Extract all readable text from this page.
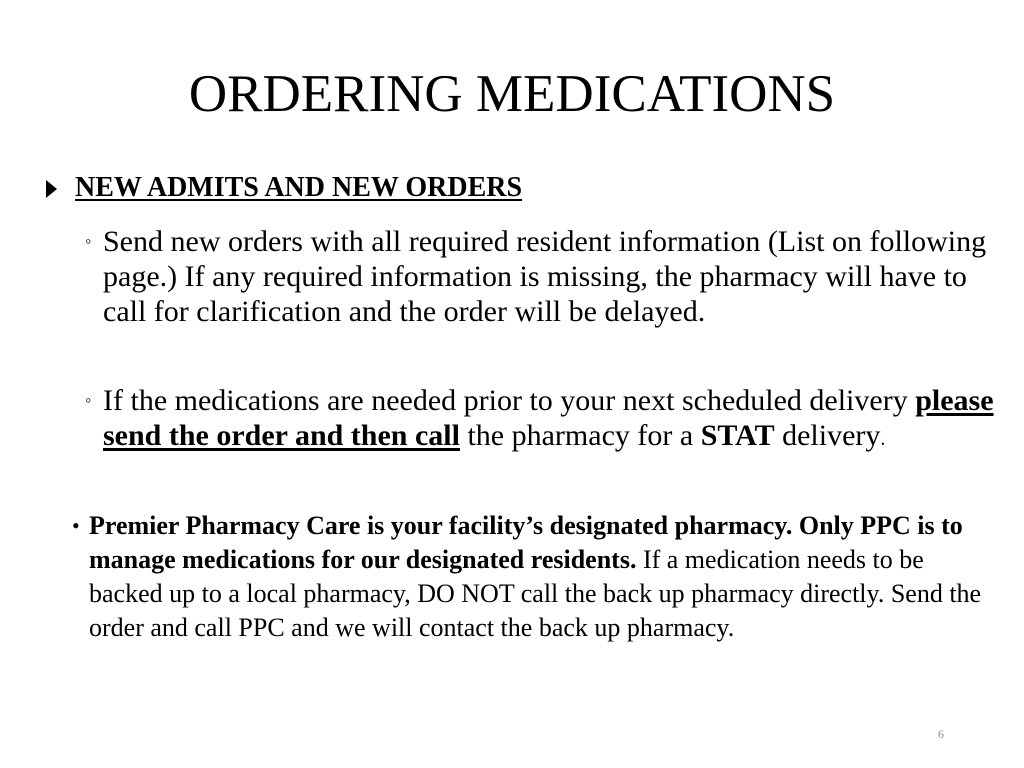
ORDERING MEDICATIONS
NEW ADMITS AND NEW ORDERS
◦ Send new orders with all required resident information (List on following page.) If any required information is missing, the pharmacy will have to call for clarification and the order will be delayed.
◦ If the medications are needed prior to your next scheduled delivery please send the order and then call the pharmacy for a STAT delivery.
• Premier Pharmacy Care is your facility’s designated pharmacy. Only PPC is to manage medications for our designated residents. If a medication needs to be backed up to a local pharmacy, DO NOT call the back up pharmacy directly. Send the order and call PPC and we will contact the back up pharmacy.
6
